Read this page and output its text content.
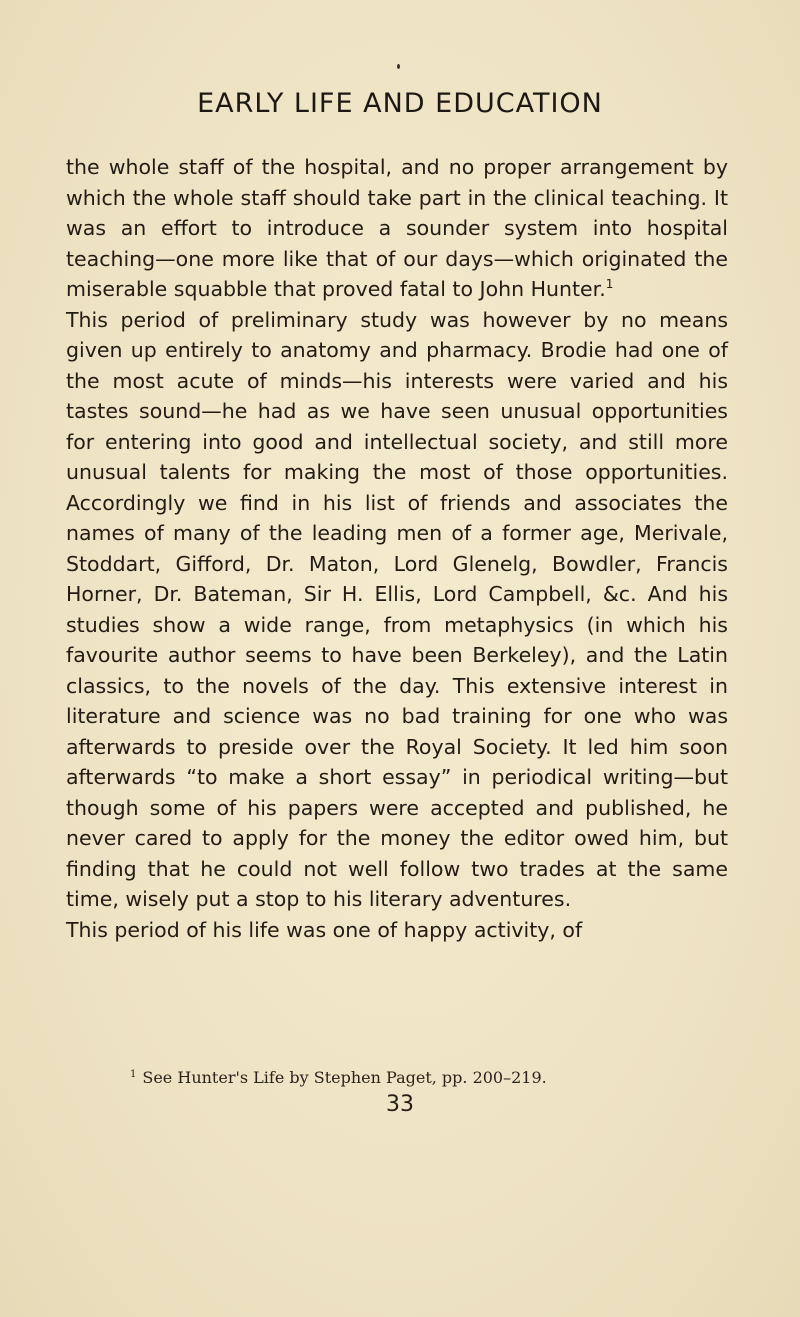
EARLY LIFE AND EDUCATION

the whole staff of the hospital, and no proper arrangement by which the whole staff should take part in the clinical teaching. It was an effort to introduce a sounder system into hospital teaching—one more like that of our days—which originated the miserable squabble that proved fatal to John Hunter.$^1$

This period of preliminary study was however by no means given up entirely to anatomy and pharmacy. Brodie had one of the most acute of minds—his interests were varied and his tastes sound—he had as we have seen unusual opportunities for entering into good and intellectual society, and still more unusual talents for making the most of those opportunities. Accordingly we find in his list of friends and associates the names of many of the leading men of a former age, Merivale, Stoddart, Gifford, Dr. Maton, Lord Glenelg, Bowdler, Francis Horner, Dr. Bateman, Sir H. Ellis, Lord Campbell, &c. And his studies show a wide range, from metaphysics (in which his favourite author seems to have been Berkeley), and the Latin classics, to the novels of the day. This extensive interest in literature and science was no bad training for one who was afterwards to preside over the Royal Society. It led him soon afterwards “to make a short essay” in periodical writing—but though some of his papers were accepted and published, he never cared to apply for the money the editor owed him, but finding that he could not well follow two trades at the same time, wisely put a stop to his literary adventures.

This period of his life was one of happy activity, of

$^1$ See Hunter's Life by Stephen Paget, pp. 200–219.
33
